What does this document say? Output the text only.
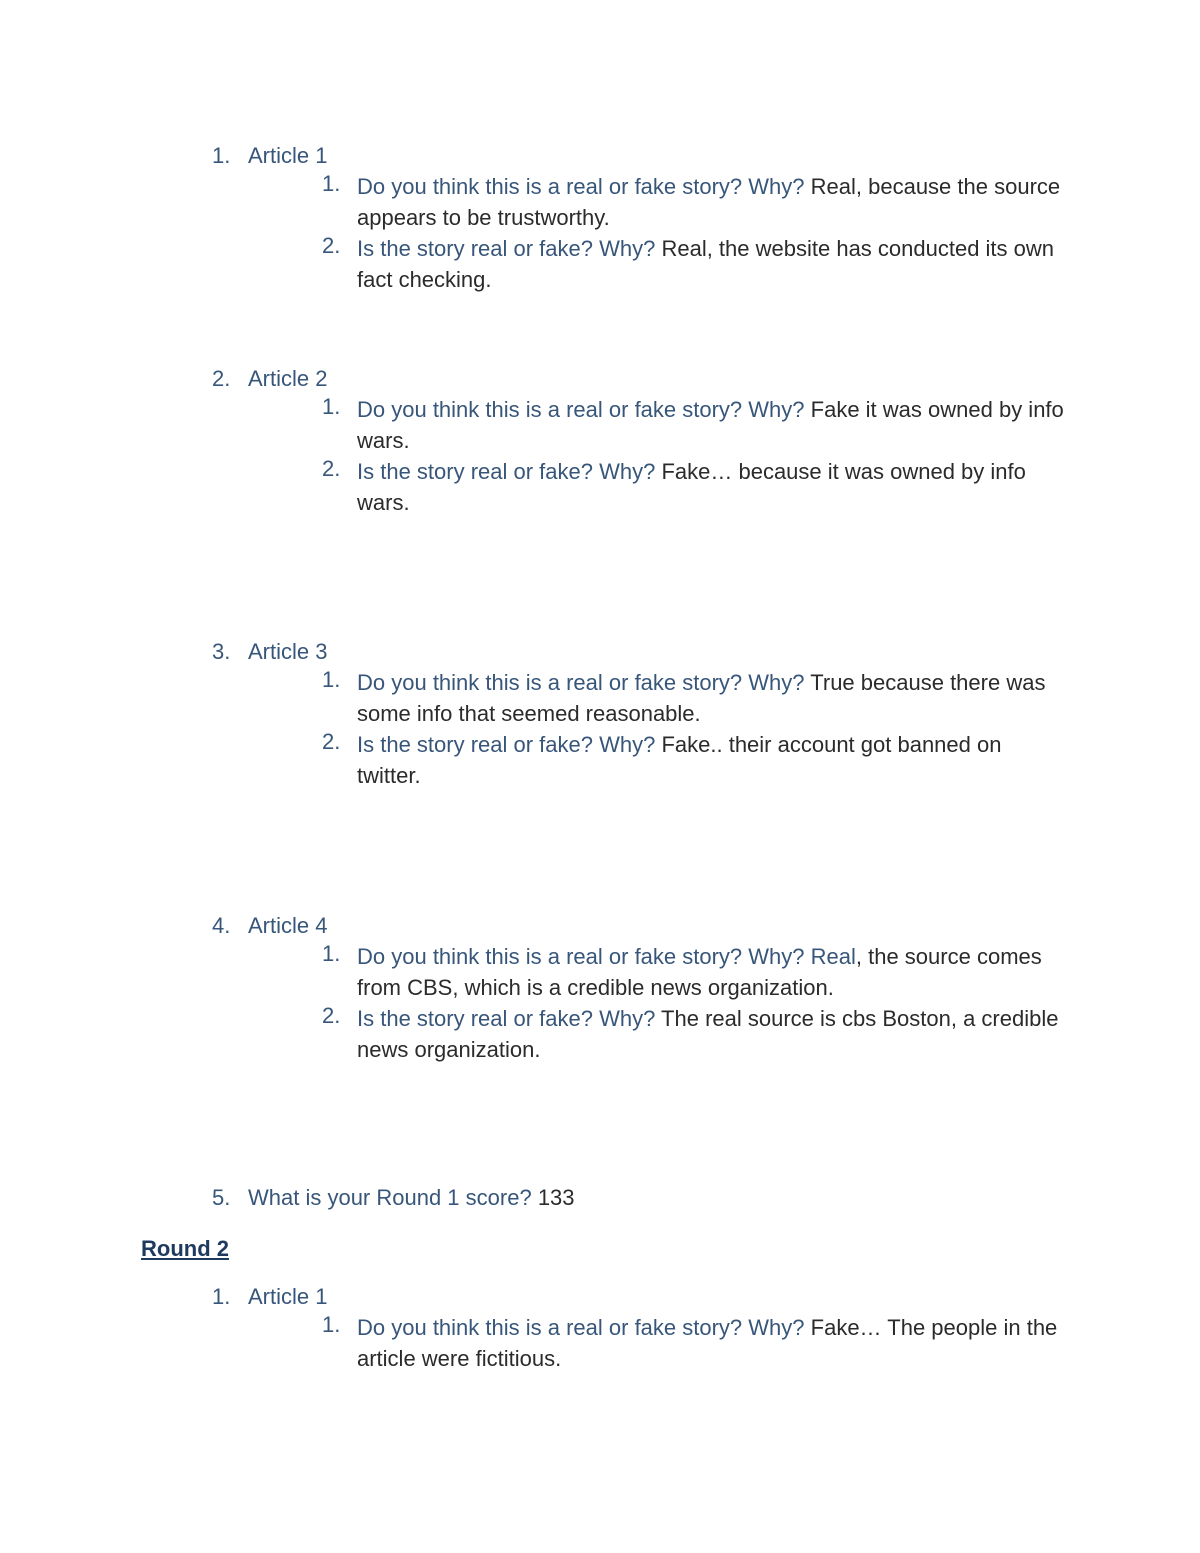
1. Article 1
1. Do you think this is a real or fake story? Why? Real, because the source appears to be trustworthy.
2. Is the story real or fake? Why? Real, the website has conducted its own fact checking.
2. Article 2
1. Do you think this is a real or fake story? Why? Fake it was owned by info wars.
2. Is the story real or fake? Why? Fake… because it was owned by info wars.
3. Article 3
1. Do you think this is a real or fake story? Why? True because there was some info that seemed reasonable.
2. Is the story real or fake? Why? Fake.. their account got banned on twitter.
4. Article 4
1. Do you think this is a real or fake story? Why? Real, the source comes from CBS, which is a credible news organization.
2. Is the story real or fake? Why? The real source is cbs Boston, a credible news organization.
5. What is your Round 1 score? 133
Round 2
1. Article 1
1. Do you think this is a real or fake story? Why? Fake… The people in the article were fictitious.
